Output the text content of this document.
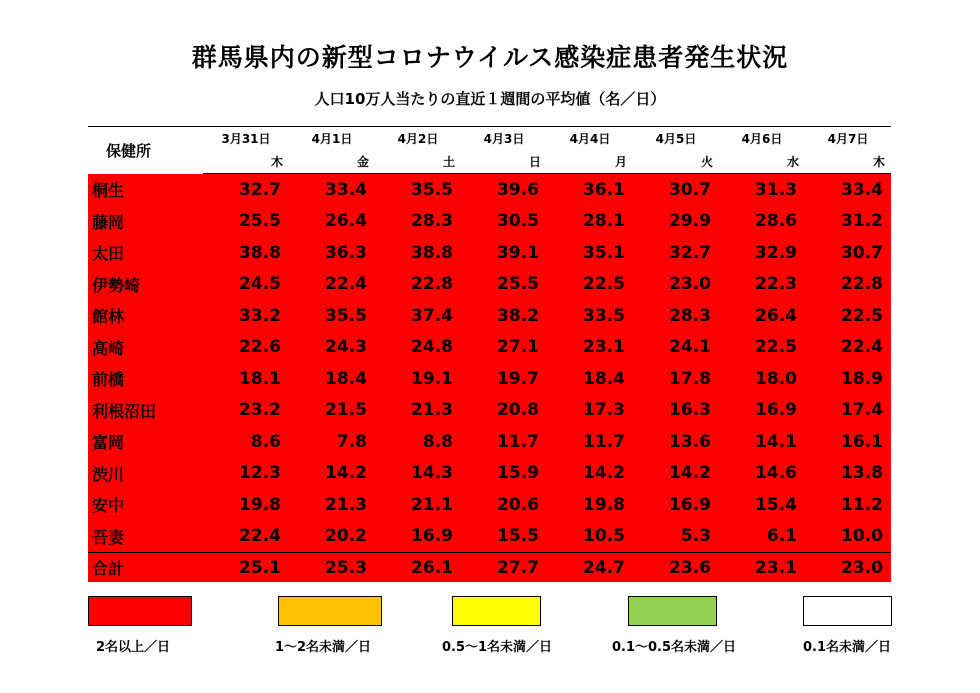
群馬県内の新型コロナウイルス感染症患者発生状況
人口10万人当たりの直近１週間の平均値（名／日）
保健所	3月31日	4月1日	4月2日	4月3日	4月4日	4月5日	4月6日	4月7日
	木	金	土	日	月	火	水	木
桐生	32.7	33.4	35.5	39.6	36.1	30.7	31.3	33.4
藤岡	25.5	26.4	28.3	30.5	28.1	29.9	28.6	31.2
太田	38.8	36.3	38.8	39.1	35.1	32.7	32.9	30.7
伊勢崎	24.5	22.4	22.8	25.5	22.5	23.0	22.3	22.8
館林	33.2	35.5	37.4	38.2	33.5	28.3	26.4	22.5
高崎	22.6	24.3	24.8	27.1	23.1	24.1	22.5	22.4
前橋	18.1	18.4	19.1	19.7	18.4	17.8	18.0	18.9
利根沼田	23.2	21.5	21.3	20.8	17.3	16.3	16.9	17.4
富岡	8.6	7.8	8.8	11.7	11.7	13.6	14.1	16.1
渋川	12.3	14.2	14.3	15.9	14.2	14.2	14.6	13.8
安中	19.8	21.3	21.1	20.6	19.8	16.9	15.4	11.2
吾妻	22.4	20.2	16.9	15.5	10.5	5.3	6.1	10.0
合計	25.1	25.3	26.1	27.7	24.7	23.6	23.1	23.0
2名以上／日	1～2名未満／日	0.5～1名未満／日	0.1～0.5名未満／日	0.1名未満／日
